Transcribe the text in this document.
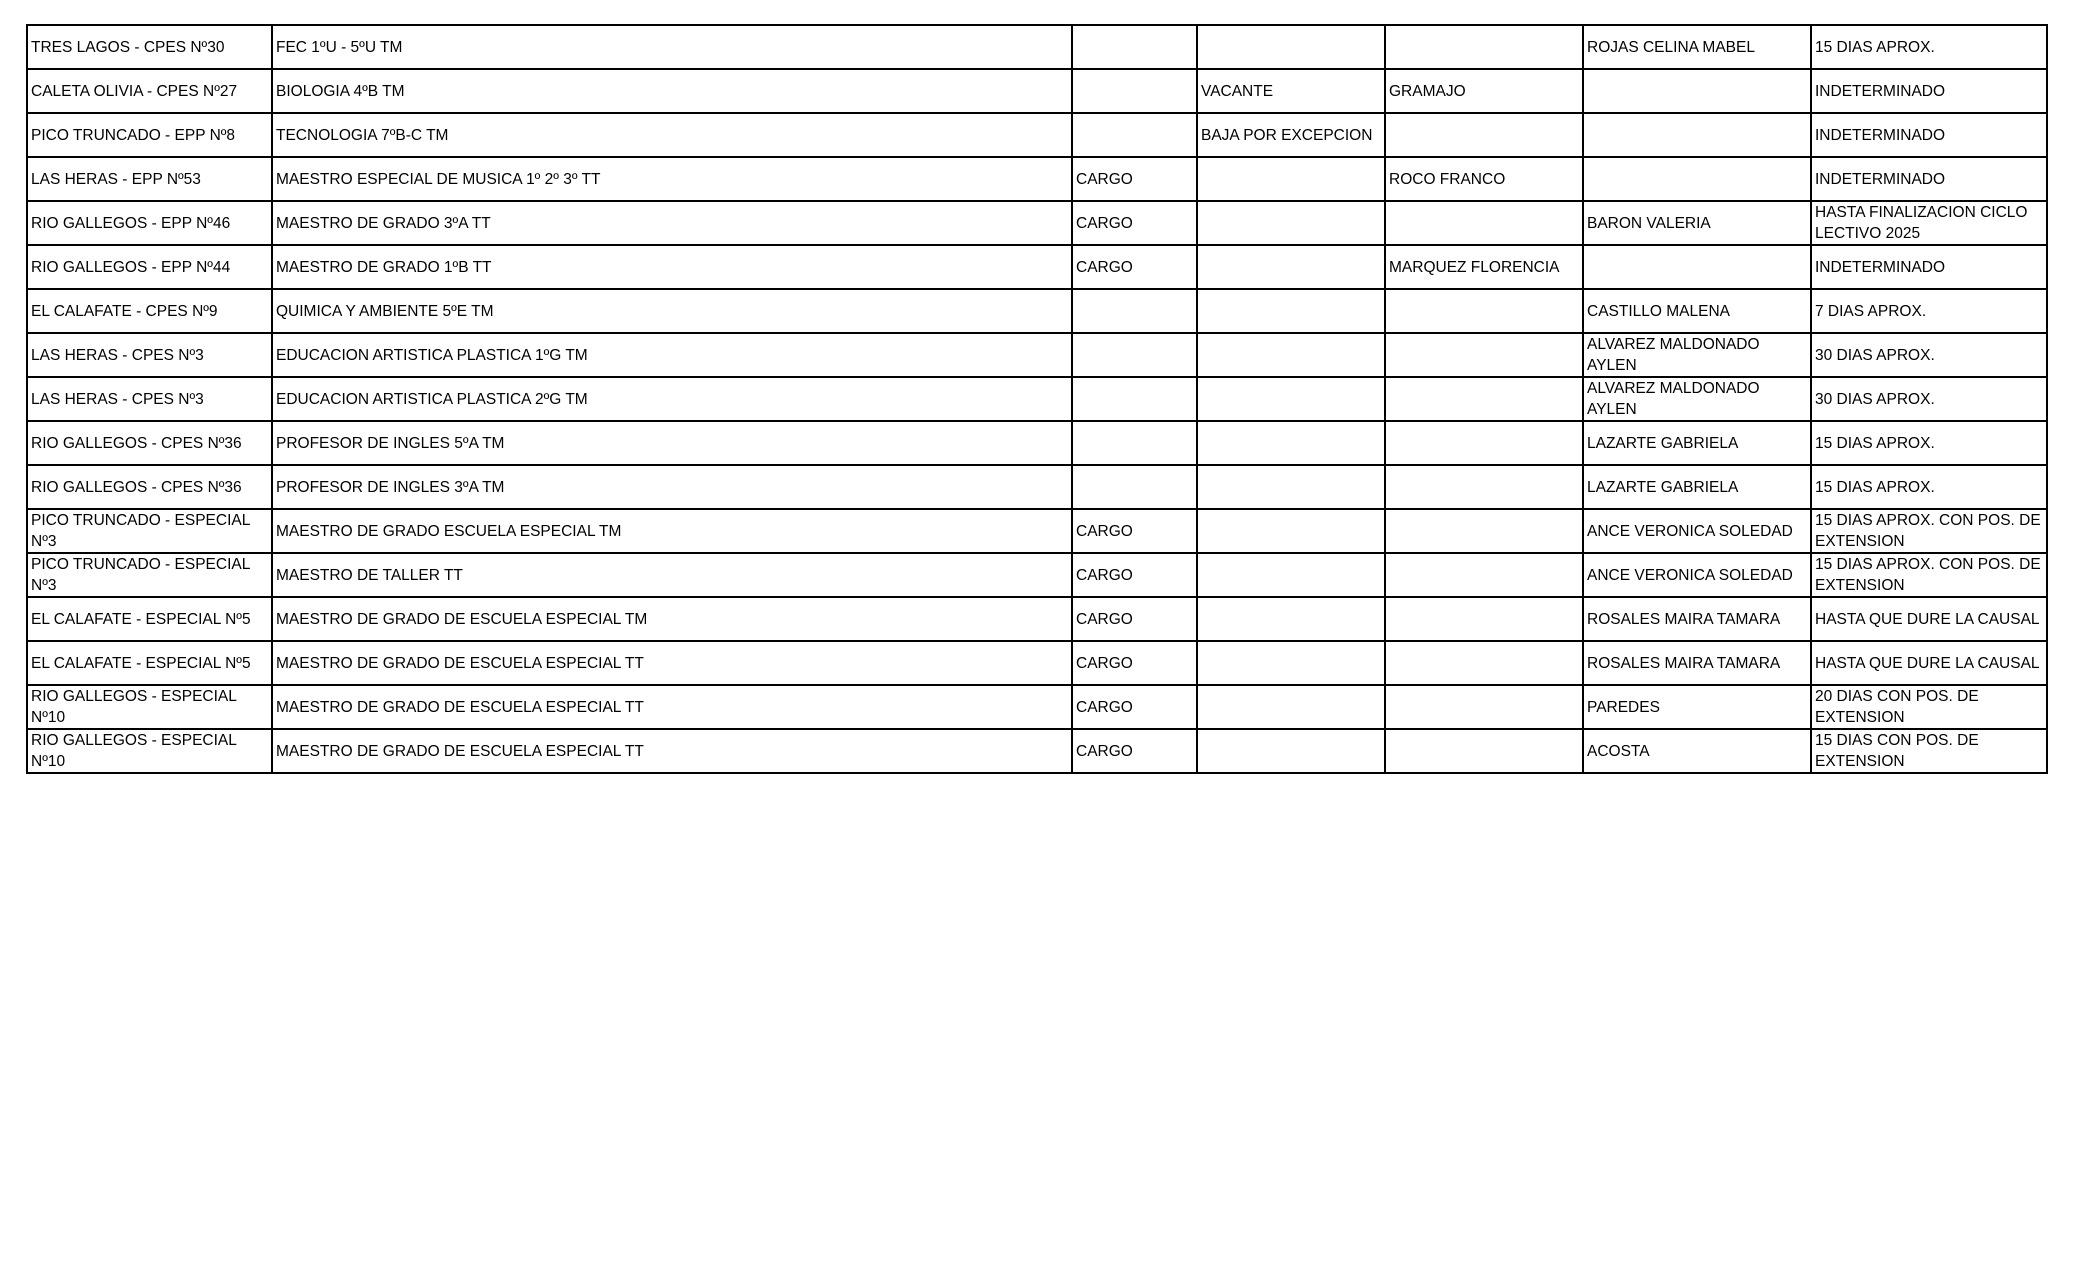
TRES LAGOS - CPES Nº30	FEC 1ºU - 5ºU TM				ROJAS CELINA MABEL	15 DIAS APROX.
CALETA OLIVIA - CPES Nº27	BIOLOGIA 4ºB TM		VACANTE	GRAMAJO		INDETERMINADO
PICO TRUNCADO - EPP Nº8	TECNOLOGIA 7ºB-C TM		BAJA POR EXCEPCION			INDETERMINADO
LAS HERAS - EPP Nº53	MAESTRO ESPECIAL DE MUSICA 1º 2º 3º TT	CARGO		ROCO FRANCO		INDETERMINADO
RIO GALLEGOS - EPP Nº46	MAESTRO DE GRADO 3ºA TT	CARGO			BARON VALERIA	HASTA FINALIZACION CICLO LECTIVO 2025
RIO GALLEGOS - EPP Nº44	MAESTRO DE GRADO 1ºB TT	CARGO		MARQUEZ FLORENCIA		INDETERMINADO
EL CALAFATE - CPES Nº9	QUIMICA Y AMBIENTE 5ºE TM				CASTILLO MALENA	7 DIAS APROX.
LAS HERAS - CPES Nº3	EDUCACION ARTISTICA PLASTICA 1ºG TM				ALVAREZ MALDONADO AYLEN	30 DIAS APROX.
LAS HERAS - CPES Nº3	EDUCACION ARTISTICA PLASTICA 2ºG TM				ALVAREZ MALDONADO AYLEN	30 DIAS APROX.
RIO GALLEGOS - CPES Nº36	PROFESOR DE INGLES 5ºA TM				LAZARTE GABRIELA	15 DIAS APROX.
RIO GALLEGOS - CPES Nº36	PROFESOR DE INGLES 3ºA TM				LAZARTE GABRIELA	15 DIAS APROX.
PICO TRUNCADO - ESPECIAL Nº3	MAESTRO DE GRADO ESCUELA ESPECIAL TM	CARGO			ANCE VERONICA SOLEDAD	15 DIAS APROX. CON POS. DE EXTENSION
PICO TRUNCADO - ESPECIAL Nº3	MAESTRO DE TALLER TT	CARGO			ANCE VERONICA SOLEDAD	15 DIAS APROX. CON POS. DE EXTENSION
EL CALAFATE - ESPECIAL Nº5	MAESTRO DE GRADO DE ESCUELA ESPECIAL TM	CARGO			ROSALES MAIRA TAMARA	HASTA QUE DURE LA CAUSAL
EL CALAFATE - ESPECIAL Nº5	MAESTRO DE GRADO DE ESCUELA ESPECIAL TT	CARGO			ROSALES MAIRA TAMARA	HASTA QUE DURE LA CAUSAL
RIO GALLEGOS - ESPECIAL Nº10	MAESTRO DE GRADO DE ESCUELA ESPECIAL TT	CARGO			PAREDES	20 DIAS CON POS. DE EXTENSION
RIO GALLEGOS - ESPECIAL Nº10	MAESTRO DE GRADO DE ESCUELA ESPECIAL TT	CARGO			ACOSTA	15 DIAS CON POS. DE EXTENSION
